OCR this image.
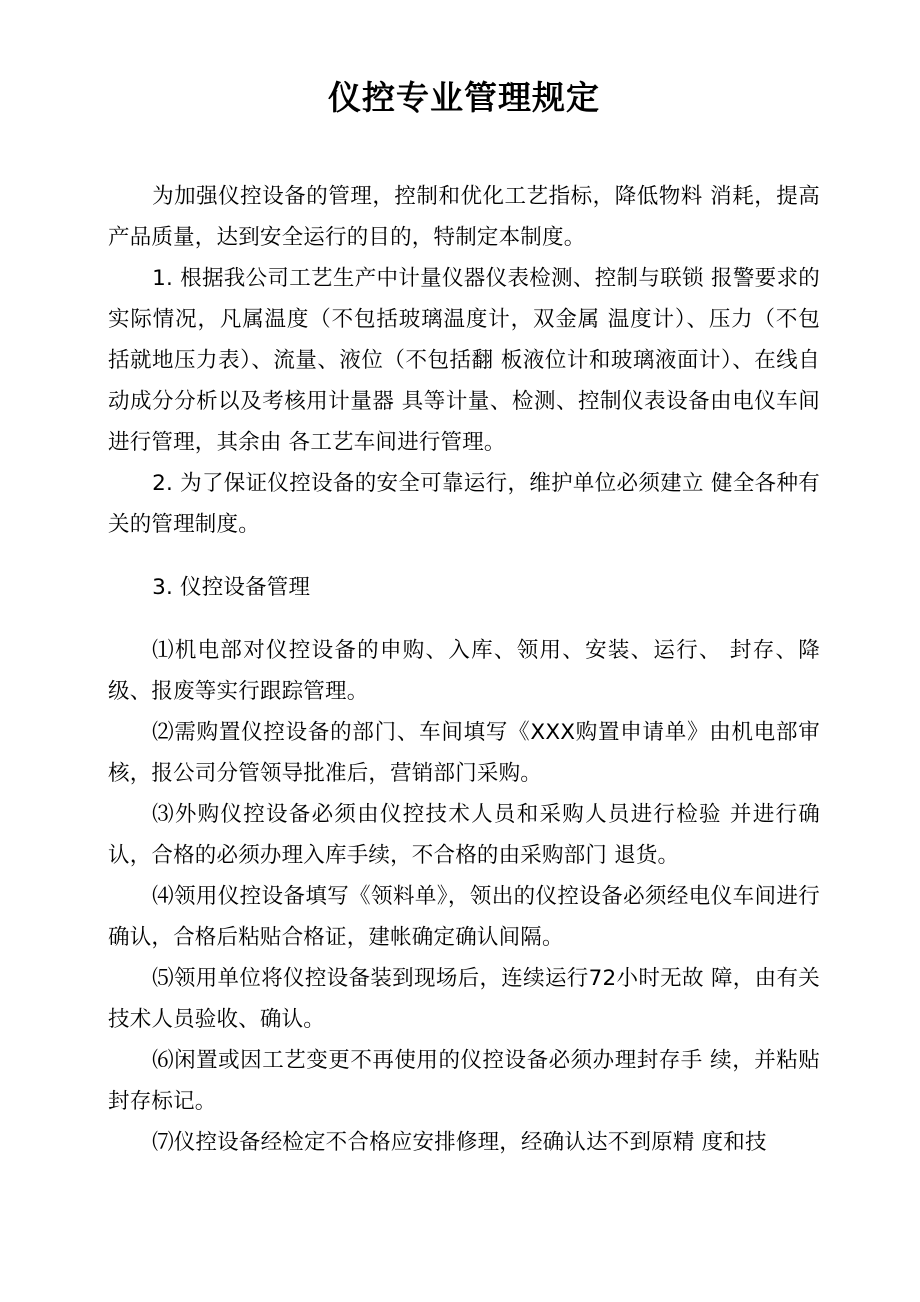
仪控专业管理规定

为加强仪控设备的管理，控制和优化工艺指标，降低物料 消耗，提高产品质量，达到安全运行的目的，特制定本制度。

1. 根据我公司工艺生产中计量仪器仪表检测、控制与联锁 报警要求的实际情况，凡属温度（不包括玻璃温度计，双金属 温度计）、压力（不包括就地压力表）、流量、液位（不包括翻 板液位计和玻璃液面计）、在线自动成分分析以及考核用计量器 具等计量、检测、控制仪表设备由电仪车间进行管理，其余由 各工艺车间进行管理。

2. 为了保证仪控设备的安全可靠运行，维护单位必须建立 健全各种有关的管理制度。

3. 仪控设备管理

⑴机电部对仪控设备的申购、入库、领用、安装、运行、 封存、降级、报废等实行跟踪管理。

⑵需购置仪控设备的部门、车间填写《XXX购置申请单》由机电部审核，报公司分管领导批准后，营销部门采购。

⑶外购仪控设备必须由仪控技术人员和采购人员进行检验 并进行确认，合格的必须办理入库手续，不合格的由采购部门 退货。

⑷领用仪控设备填写《领料单》，领出的仪控设备必须经电仪车间进行确认，合格后粘贴合格证，建帐确定确认间隔。

⑸领用单位将仪控设备装到现场后，连续运行72小时无故 障，由有关技术人员验收、确认。

⑹闲置或因工艺变更不再使用的仪控设备必须办理封存手 续，并粘贴封存标记。

⑺仪控设备经检定不合格应安排修理，经确认达不到原精 度和技
